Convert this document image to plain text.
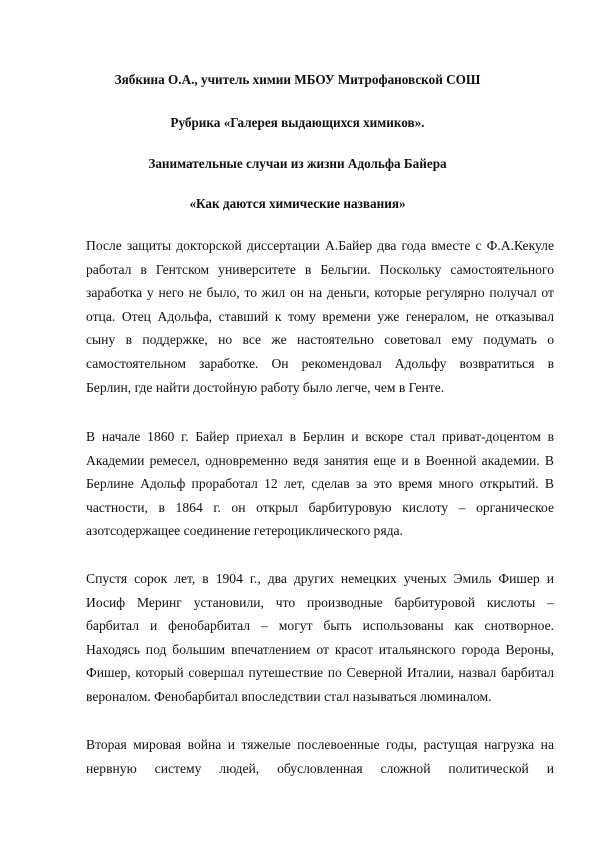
Зябкина О.А., учитель химии МБОУ Митрофановской СОШ

Рубрика «Галерея выдающихся химиков».

Занимательные случаи из жизни Адольфа Байера

«Как даются химические названия»

После защиты докторской диссертации А.Байер два года вместе с Ф.А.Кекуле
работал в Гентском университете в Бельгии. Поскольку самостоятельного
заработка у него не было, то жил он на деньги, которые регулярно получал от
отца. Отец Адольфа, ставший к тому времени уже генералом, не отказывал
сыну в поддержке, но все же настоятельно советовал ему подумать о
самостоятельном заработке. Он рекомендовал Адольфу возвратиться в
Берлин, где найти достойную работу было легче, чем в Генте.
В начале 1860 г. Байер приехал в Берлин и вскоре стал приват-доцентом в
Академии ремесел, одновременно ведя занятия еще и в Военной академии. В
Берлине Адольф проработал 12 лет, сделав за это время много открытий. В
частности, в 1864 г. он открыл барбитуровую кислоту – органическое
азотсодержащее соединение гетероциклического ряда.
Спустя сорок лет, в 1904 г., два других немецких ученых Эмиль Фишер и
Иосиф Меринг установили, что производные барбитуровой кислоты –
барбитал и фенобарбитал – могут быть использованы как снотворное.
Находясь под большим впечатлением от красот итальянского города Вероны,
Фишер, который совершал путешествие по Северной Италии, назвал барбитал
вероналом. Фенобарбитал впоследствии стал называться люминалом.
Вторая мировая война и тяжелые послевоенные годы, растущая нагрузка на
нервную систему людей, обусловленная сложной политической и
